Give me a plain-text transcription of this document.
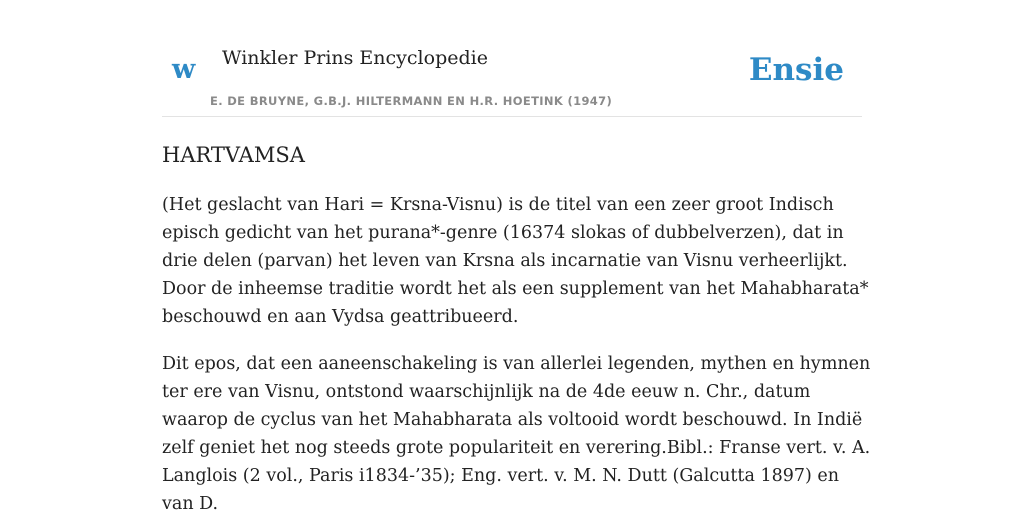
w Winkler Prins Encyclopedie
E. DE BRUYNE, G.B.J. HILTERMANN EN H.R. HOETINK (1947)
Ensie
HARTVAMSA

(Het geslacht van Hari = Krsna-Visnu) is de titel van een zeer groot Indisch episch gedicht van het purana*-genre (16374 slokas of dubbelverzen), dat in drie delen (parvan) het leven van Krsna als incarnatie van Visnu verheerlijkt. Door de inheemse traditie wordt het als een supplement van het Mahabharata* beschouwd en aan Vydsa geattribueerd.

Dit epos, dat een aaneenschakeling is van allerlei legenden, mythen en hymnen ter ere van Visnu, ontstond waarschijnlijk na de 4de eeuw n. Chr., datum waarop de cyclus van het Mahabharata als voltooid wordt beschouwd. In Indië zelf geniet het nog steeds grote populariteit en verering.Bibl.: Franse vert. v. A. Langlois (2 vol., Paris i1834-’35); Eng. vert. v. M. N. Dutt (Galcutta 1897) en van D.
